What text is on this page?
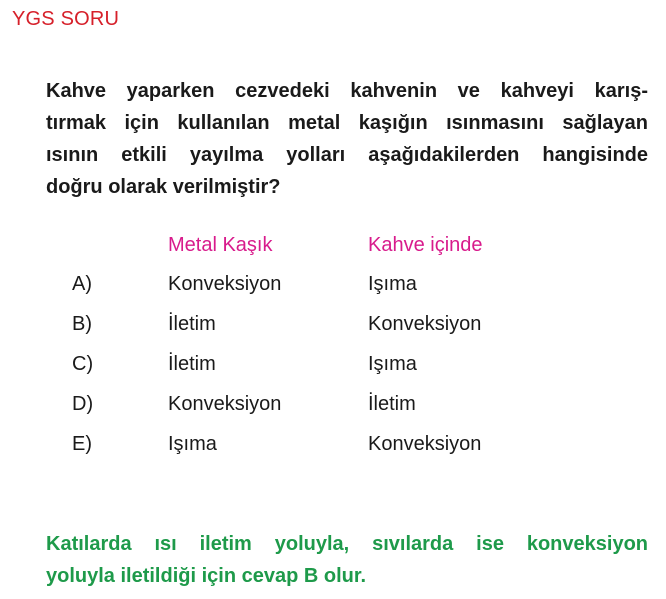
YGS SORU

Kahve yaparken cezvedeki kahvenin ve kahveyi karış-
tırmak için kullanılan metal kaşığın ısınmasını sağlayan
ısının etkili yayılma yolları aşağıdakilerden hangisinde
doğru olarak verilmiştir?

	Metal Kaşık	Kahve içinde
A)	Konveksiyon	Işıma
B)	İletim	Konveksiyon
C)	İletim	Işıma
D)	Konveksiyon	İletim
E)	Işıma	Konveksiyon

Katılarda ısı iletim yoluyla, sıvılarda ise konveksiyon
yoluyla iletildiği için cevap B olur.
